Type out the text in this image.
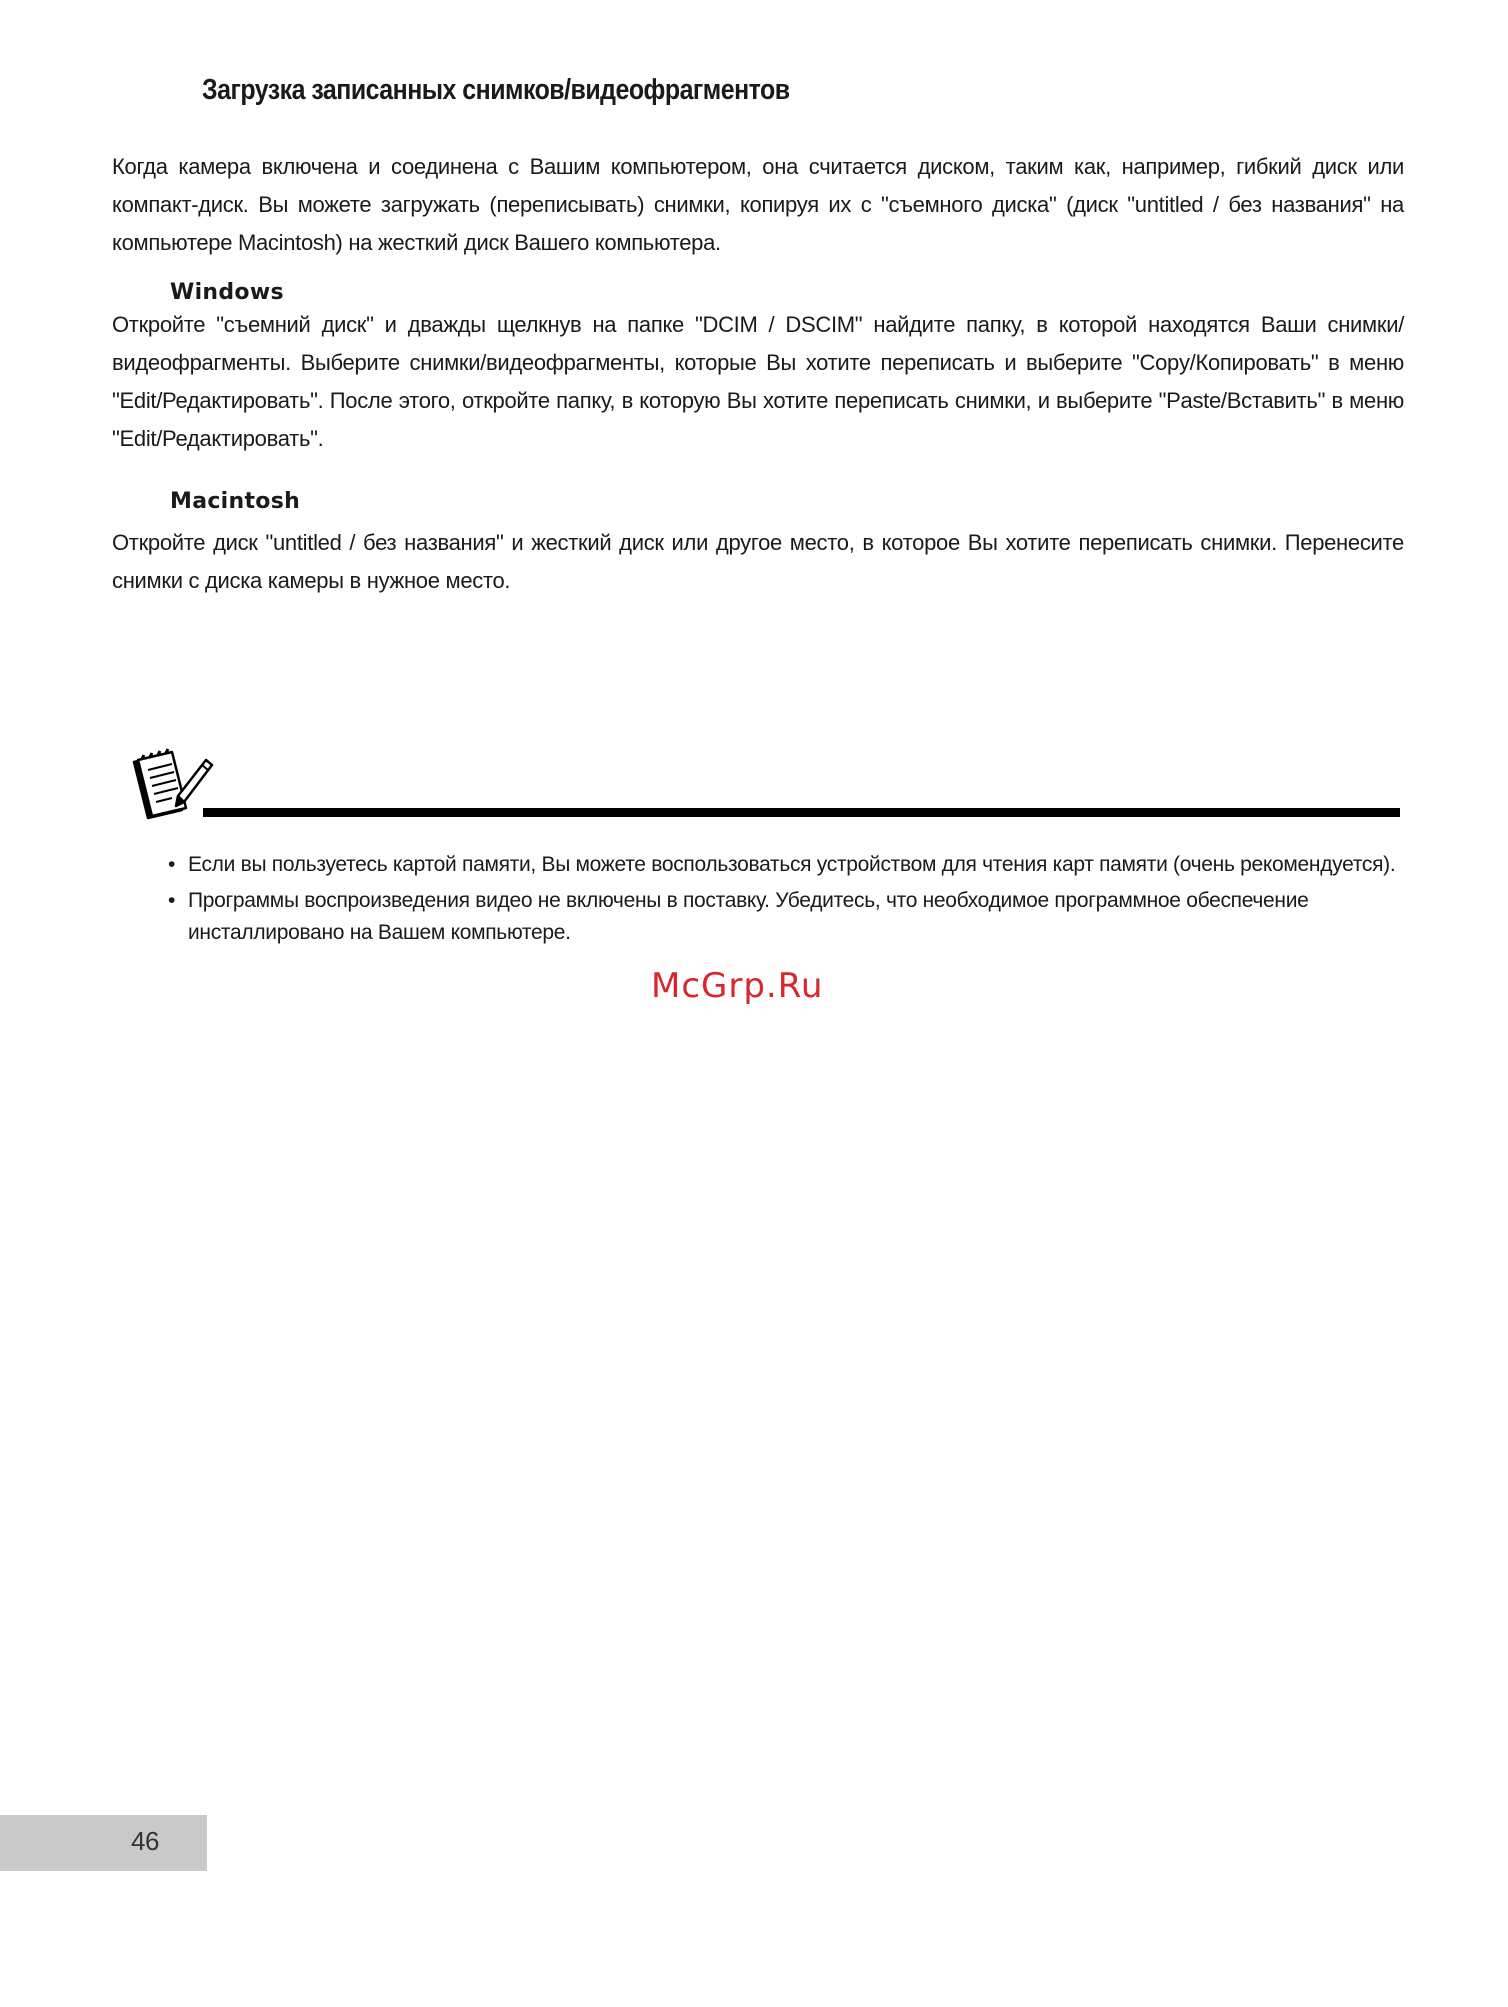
Загрузка записанных снимков/видеофрагментов

Когда камера включена и соединена с Вашим компьютером, она считается диском, таким как, например, гибкий диск или компакт-диск. Вы можете загружать (переписывать) снимки, копируя их с "съемного диска" (диск "untitled / без названия" на компьютере Macintosh) на жесткий диск Вашего компьютера.

Windows

Откройте "съемний диск" и дважды щелкнув на папке "DCIM / DSCIM" найдите папку, в которой находятся Ваши снимки/видеофрагменты. Выберите снимки/видеофрагменты, которые Вы хотите переписать и выберите "Copy/Копировать" в меню "Edit/Редактировать". После этого, откройте папку, в которую Вы хотите переписать снимки, и выберите "Paste/Вставить" в меню "Edit/Редактировать".

Macintosh

Откройте диск "untitled / без названия" и жесткий диск или другое место, в которое Вы хотите переписать снимки. Перенесите снимки с диска камеры в нужное место.

• Если вы пользуетесь картой памяти, Вы можете воспользоваться устройством для чтения карт памяти (очень рекомендуется).
• Программы воспроизведения видео не включены в поставку. Убедитесь, что необходимое программное обеспечение инсталлировано на Вашем компьютере.
McGrp.Ru
46
